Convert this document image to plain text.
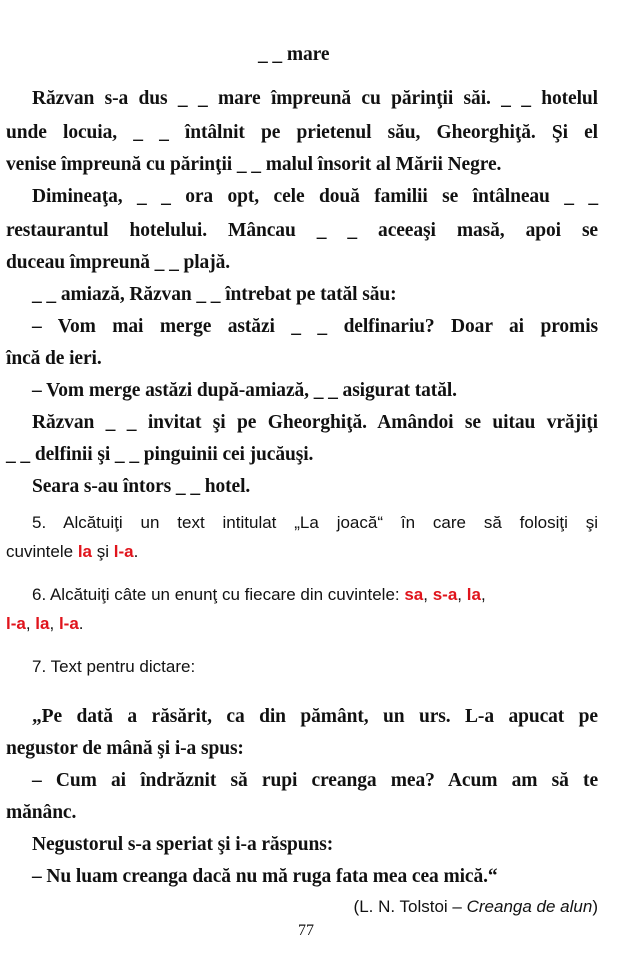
_ _ mare
Răzvan s-a dus _ _ mare împreună cu părinţii săi. _ _ hotelul
unde locuia, _ _ întâlnit pe prietenul său, Gheorghiţă. Şi el
venise împreună cu părinţii _ _ malul însorit al Mării Negre.
Dimineaţa, _ _ ora opt, cele două familii se întâlneau _ _
restaurantul hotelului. Mâncau _ _ aceeaşi masă, apoi se
duceau împreună _ _ plajă.
_ _ amiază, Răzvan _ _ întrebat pe tatăl său:
– Vom mai merge astăzi _ _ delfinariu? Doar ai promis
încă de ieri.
– Vom merge astăzi după-amiază, _ _ asigurat tatăl.
Răzvan _ _ invitat şi pe Gheorghiţă. Amândoi se uitau vrăjiţi
_ _ delfinii şi _ _ pinguinii cei jucăuşi.
Seara s-au întors _ _ hotel.
5. Alcătuiţi un text intitulat „La joacă“ în care să folosiţi şi
cuvintele la şi l-a.
6. Alcătuiţi câte un enunţ cu fiecare din cuvintele: sa, s-a, la,
l-a, la, l-a.
7. Text pentru dictare:
„Pe dată a răsărit, ca din pământ, un urs. L-a apucat pe
negustor de mână şi i-a spus:
– Cum ai îndrăznit să rupi creanga mea? Acum am să te
mănânc.
Negustorul s-a speriat şi i-a răspuns:
– Nu luam creanga dacă nu mă ruga fata mea cea mică.“
(L. N. Tolstoi – Creanga de alun)
77
